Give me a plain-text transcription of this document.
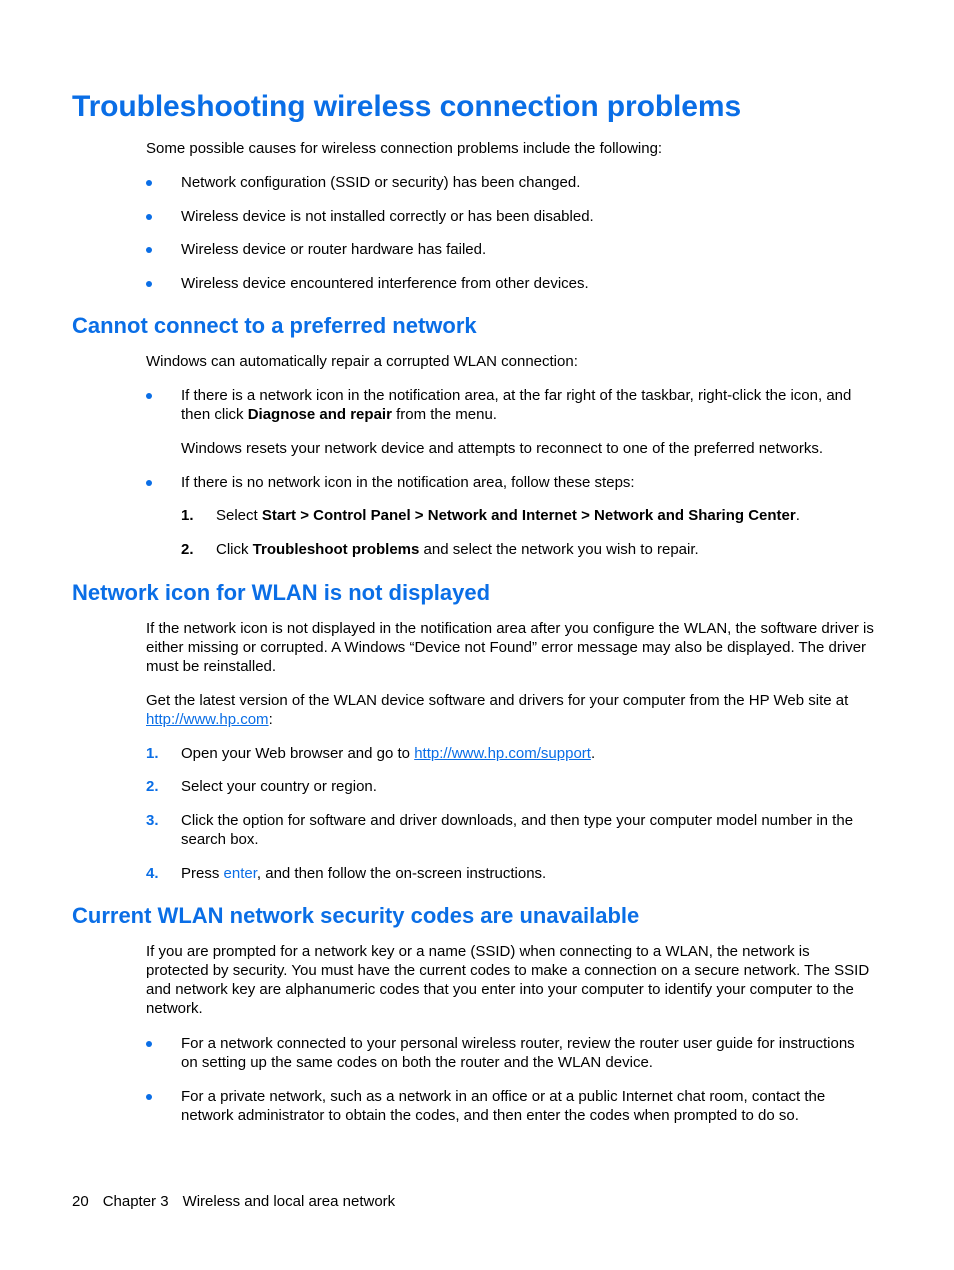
Troubleshooting wireless connection problems

Some possible causes for wireless connection problems include the following:

Network configuration (SSID or security) has been changed.
Wireless device is not installed correctly or has been disabled.
Wireless device or router hardware has failed.
Wireless device encountered interference from other devices.
Cannot connect to a preferred network

Windows can automatically repair a corrupted WLAN connection:

If there is a network icon in the notification area, at the far right of the taskbar, right-click the icon, and then click Diagnose and repair from the menu.

Windows resets your network device and attempts to reconnect to one of the preferred networks.

If there is no network icon in the notification area, follow these steps:
1. Select Start > Control Panel > Network and Internet > Network and Sharing Center.
2. Click Troubleshoot problems and select the network you wish to repair.
Network icon for WLAN is not displayed

If the network icon is not displayed in the notification area after you configure the WLAN, the software driver is either missing or corrupted. A Windows “Device not Found” error message may also be displayed. The driver must be reinstalled.

Get the latest version of the WLAN device software and drivers for your computer from the HP Web site at http://www.hp.com:

1. Open your Web browser and go to http://www.hp.com/support.
2. Select your country or region.
3. Click the option for software and driver downloads, and then type your computer model number in the search box.
4. Press enter, and then follow the on-screen instructions.
Current WLAN network security codes are unavailable

If you are prompted for a network key or a name (SSID) when connecting to a WLAN, the network is protected by security. You must have the current codes to make a connection on a secure network. The SSID and network key are alphanumeric codes that you enter into your computer to identify your computer to the network.

For a network connected to your personal wireless router, review the router user guide for instructions on setting up the same codes on both the router and the WLAN device.
For a private network, such as a network in an office or at a public Internet chat room, contact the network administrator to obtain the codes, and then enter the codes when prompted to do so.
20 Chapter 3 Wireless and local area network
